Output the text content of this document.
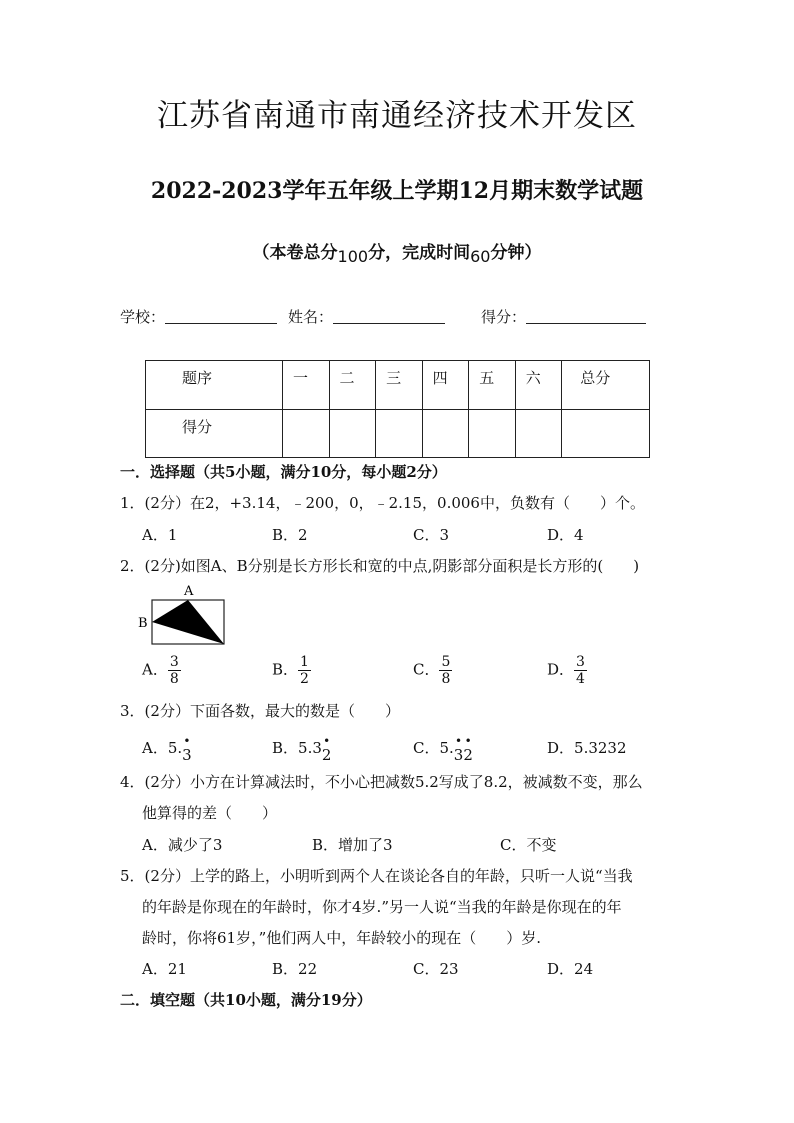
江苏省南通市南通经济技术开发区
2022-2023学年五年级上学期12月期末数学试题
（本卷总分100分，完成时间60分钟）
学校：	姓名：	得分：
题序	一	二	三	四	五	六	总分
得分							
一．选择题（共5小题，满分10分，每小题2分）
1．(2分）在2，+3.14，﹣200，0，﹣2.15，0.006中，负数有（　　）个。
A．1	B．2	C．3	D．4
2．(2分)如图A、B分别是长方形长和宽的中点,阴影部分面积是长方形的(　　)
A
B
A． $\frac{3}{8}$	B． $\frac{1}{2}$	C． $\frac{5}{8}$	D． $\frac{3}{4}$
3．(2分）下面各数，最大的数是（　　）
A．5. •
3	B．5.3 •
2	C．5. •
3
•
2	D．5.3232
4．(2分）小方在计算减法时，不小心把减数5.2写成了8.2，被减数不变，那么
他算得的差（　　）
A．减少了3	B．增加了3	C．不变
5．(2分）上学的路上，小明听到两个人在谈论各自的年龄，只听一人说“当我
的年龄是你现在的年龄时，你才4岁.”另一人说“当我的年龄是你现在的年
龄时，你将61岁，”他们两人中，年龄较小的现在（　　）岁.
A．21	B．22	C．23	D．24
二．填空题（共10小题，满分19分）
